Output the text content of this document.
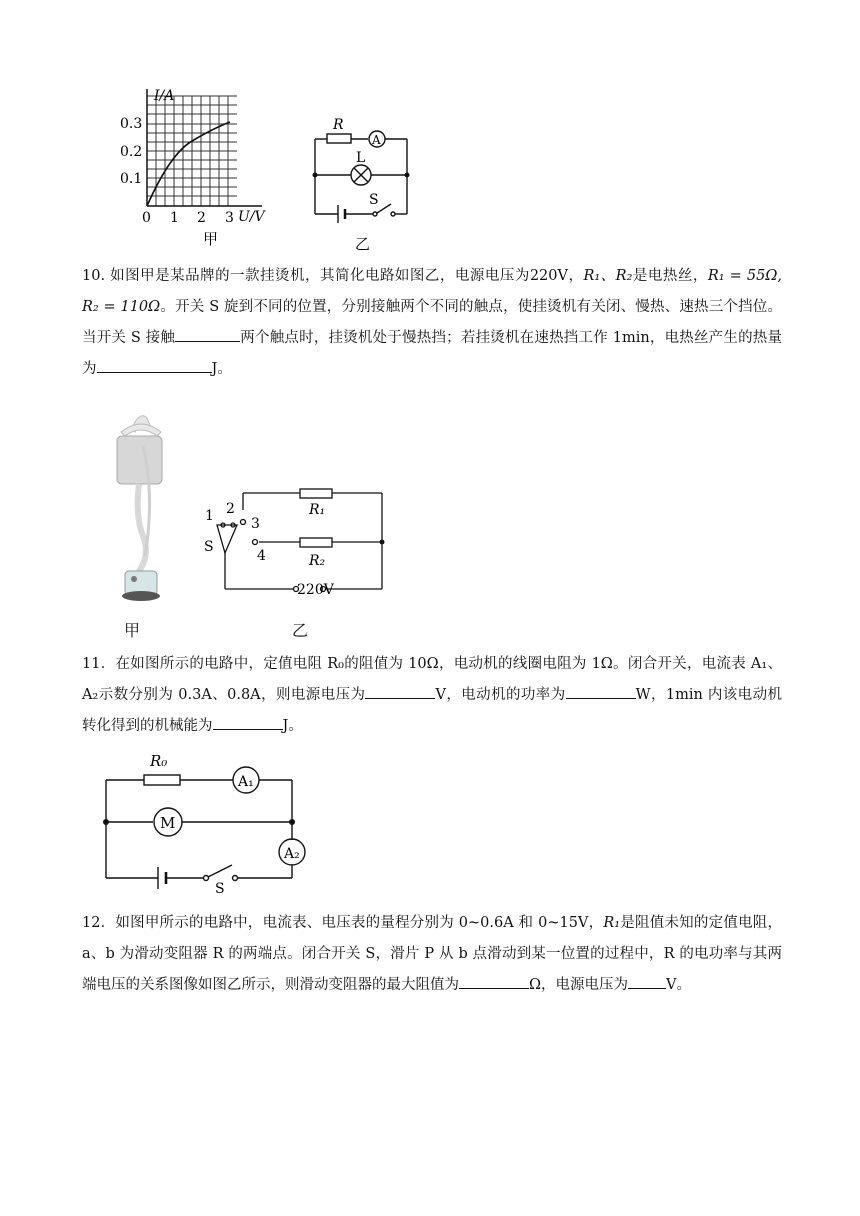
I/A
U/V
0.3
0.2
0.1
0 1 2 3
甲
R
A
L
S
乙
10. 如图甲是某品牌的一款挂烫机，其简化电路如图乙，电源电压为220V，R₁、R₂是电热丝，R₁ = 55Ω, R₂ = 110Ω。开关 S 旋到不同的位置，分别接触两个不同的触点，使挂烫机有关闭、慢热、速热三个挡位。当开关 S 接触	两个触点时，挂烫机处于慢热挡；若挂烫机在速热挡工作 1min，电热丝产生的热量为	J。
1 2
3
4
S
R₁
R₂
220V
甲	乙
11．在如图所示的电路中，定值电阻 R₀的阻值为 10Ω，电动机的线圈电阻为 1Ω。闭合开关，电流表 A₁、A₂示数分别为 0.3A、0.8A，则电源电压为	V，电动机的功率为	W，1min 内该电动机转化得到的机械能为	J。
R₀
A₁
M
A₂
S
12．如图甲所示的电路中，电流表、电压表的量程分别为 0~0.6A 和 0~15V，R₁是阻值未知的定值电阻，a、b 为滑动变阻器 R 的两端点。闭合开关 S，滑片 P 从 b 点滑动到某一位置的过程中，R 的电功率与其两端电压的关系图像如图乙所示，则滑动变阻器的最大阻值为	Ω，电源电压为	V。
